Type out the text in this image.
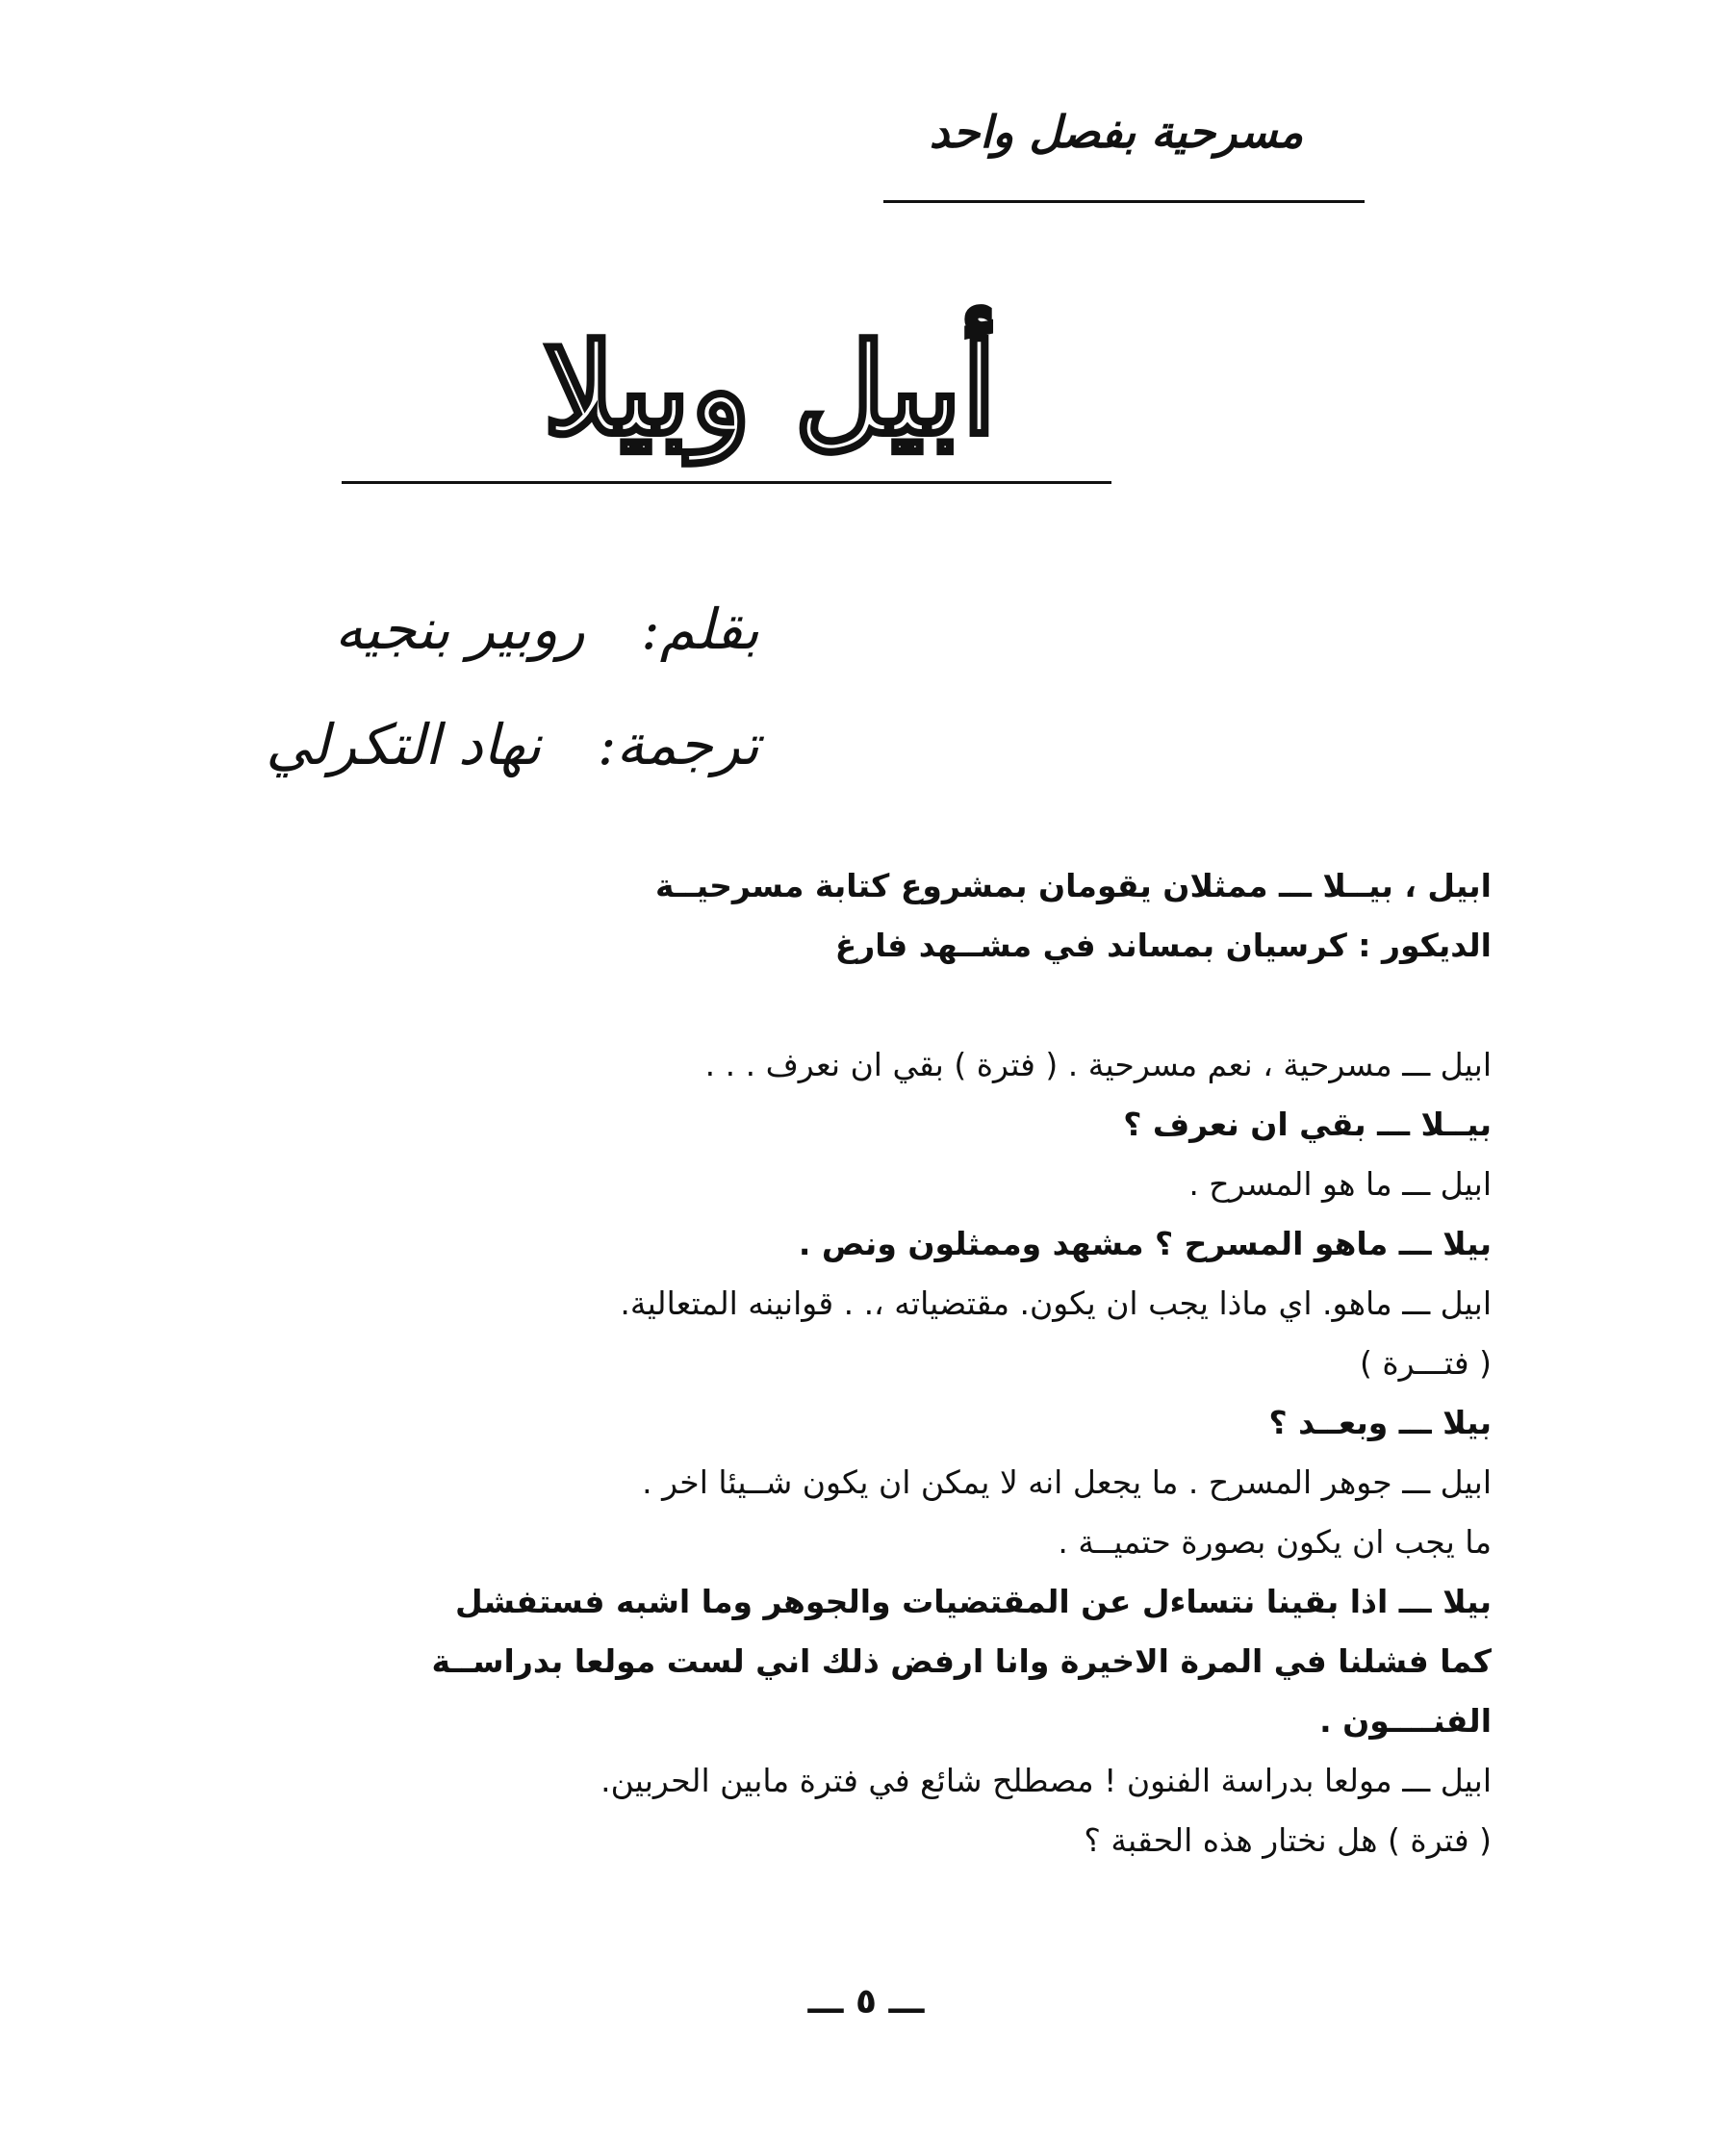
مسرحية بفصل واحد
أبيل وبيلا
بقلم: روبير بنجيه
ترجمة: نهاد التكرلي
ابيل ، بيــلا ـــ ممثلان يقومان بمشروع كتابة مسرحيــة
الديكور : كرسيان بمساند في مشــهد فارغ
ابيل ـــ مسرحية ، نعم مسرحية . ( فترة ) بقي ان نعرف . . .
بيــلا ـــ بقي ان نعرف ؟
ابيل ـــ ما هو المسرح .
بيلا ـــ ماهو المسرح ؟ مشهد وممثلون ونص .
ابيل ـــ ماهو. اي ماذا يجب ان يكون. مقتضياته ،. . قوانينه المتعالية.
( فتـــرة )
بيلا ـــ وبعــد ؟
ابيل ـــ جوهر المسرح . ما يجعل انه لا يمكن ان يكون شــيئا اخر .
ما يجب ان يكون بصورة حتميــة .
بيلا ـــ اذا بقينا نتساءل عن المقتضيات والجوهر وما اشبه فستفشل
كما فشلنا في المرة الاخيرة وانا ارفض ذلك اني لست مولعا بدراســة
الفنــــون .
ابيل ـــ مولعا بدراسة الفنون ! مصطلح شائع في فترة مابين الحربين.
( فترة ) هل نختار هذه الحقبة ؟
ـــ ٥ ـــ
